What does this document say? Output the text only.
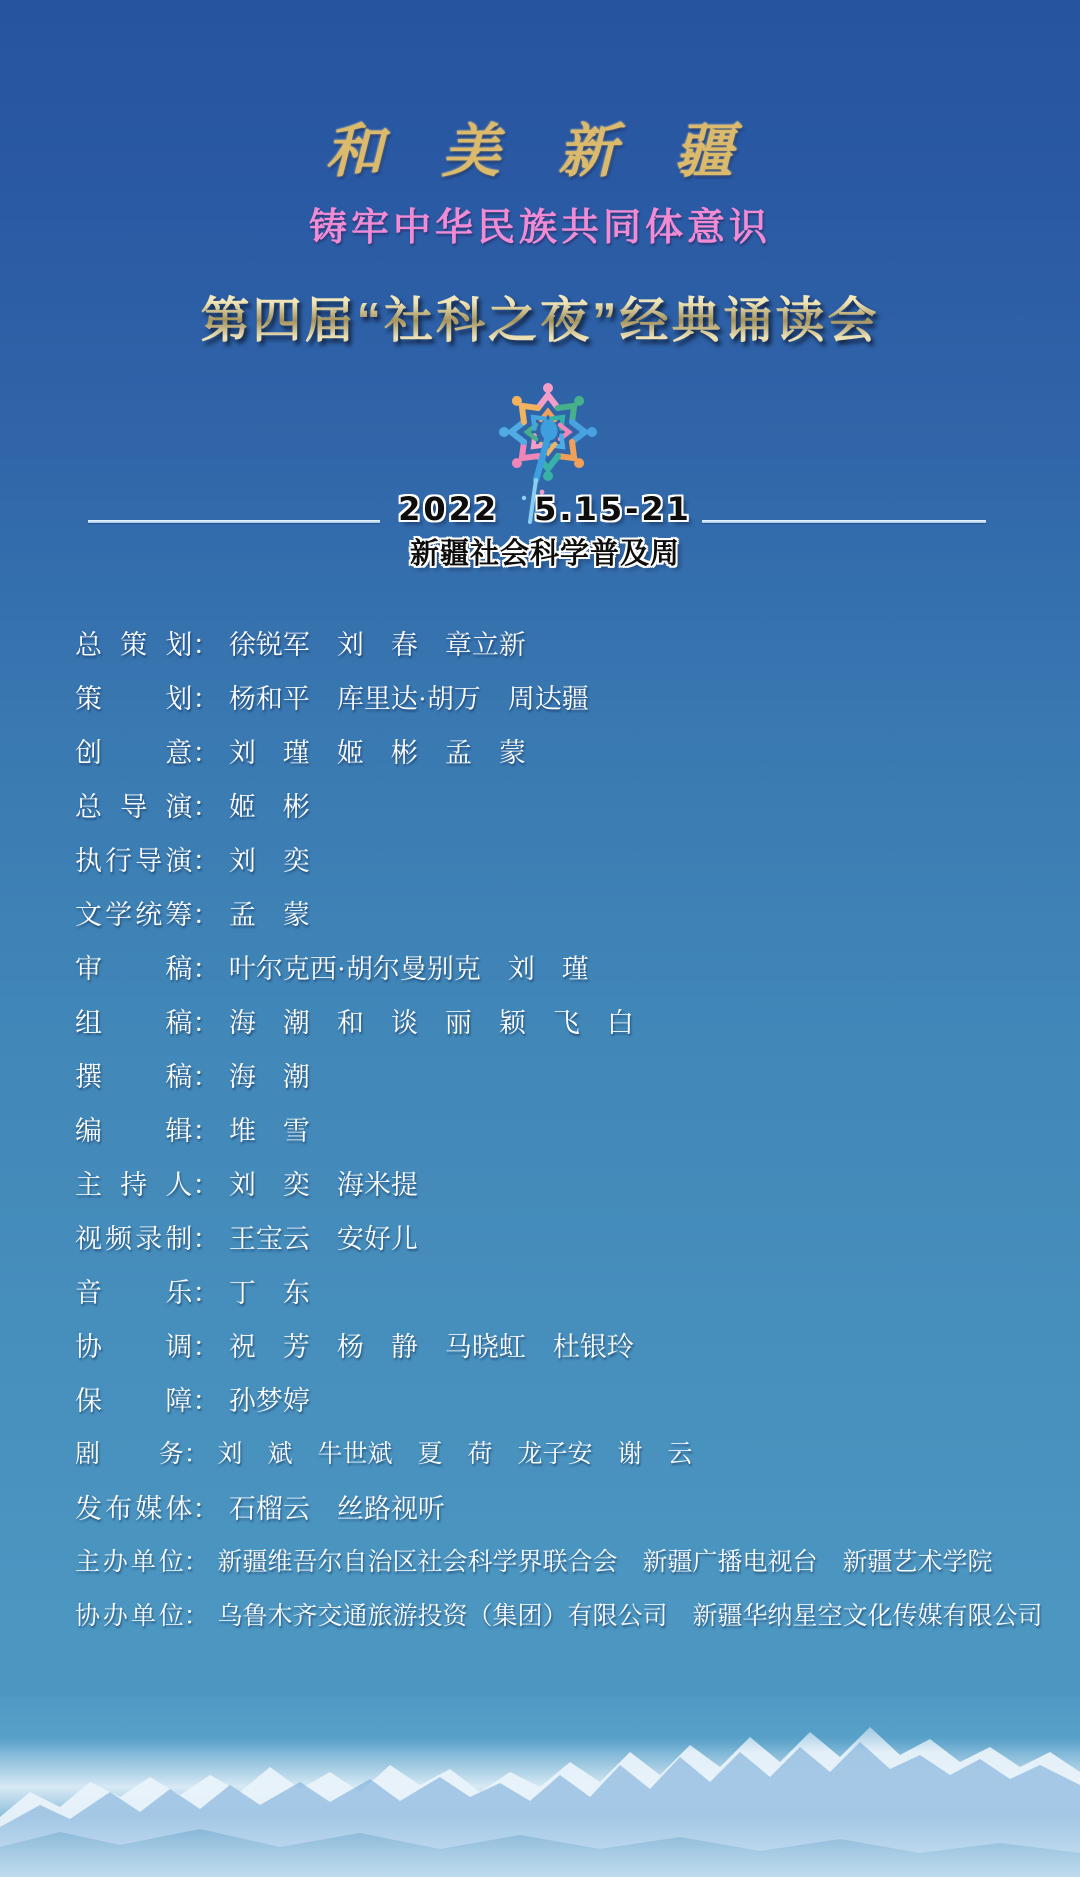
和 美 新 疆
铸牢中华民族共同体意识
第四届“社科之夜”经典诵读会
2022　5.15-21
新疆社会科学普及周
总策划： 徐锐军　刘　春　章立新
策划： 杨和平　库里达·胡万　周达疆
创意： 刘　瑾　姬　彬　孟　蒙
总导演： 姬　彬
执行导演： 刘　奕
文学统筹： 孟　蒙
审稿： 叶尔克西·胡尔曼别克　刘　瑾
组稿： 海　潮　和　谈　丽　颖　飞　白
撰稿： 海　潮
编辑： 堆　雪
主持人： 刘　奕　海米提
视频录制： 王宝云　安好儿
音乐： 丁　东
协调： 祝　芳　杨　静　马晓虹　杜银玲
保障： 孙梦婷
剧务： 刘　斌　牛世斌　夏　荷　龙子安　谢　云
发布媒体： 石榴云　丝路视听
主办单位： 新疆维吾尔自治区社会科学界联合会　新疆广播电视台　新疆艺术学院
协办单位： 乌鲁木齐交通旅游投资（集团）有限公司　新疆华纳星空文化传媒有限公司
